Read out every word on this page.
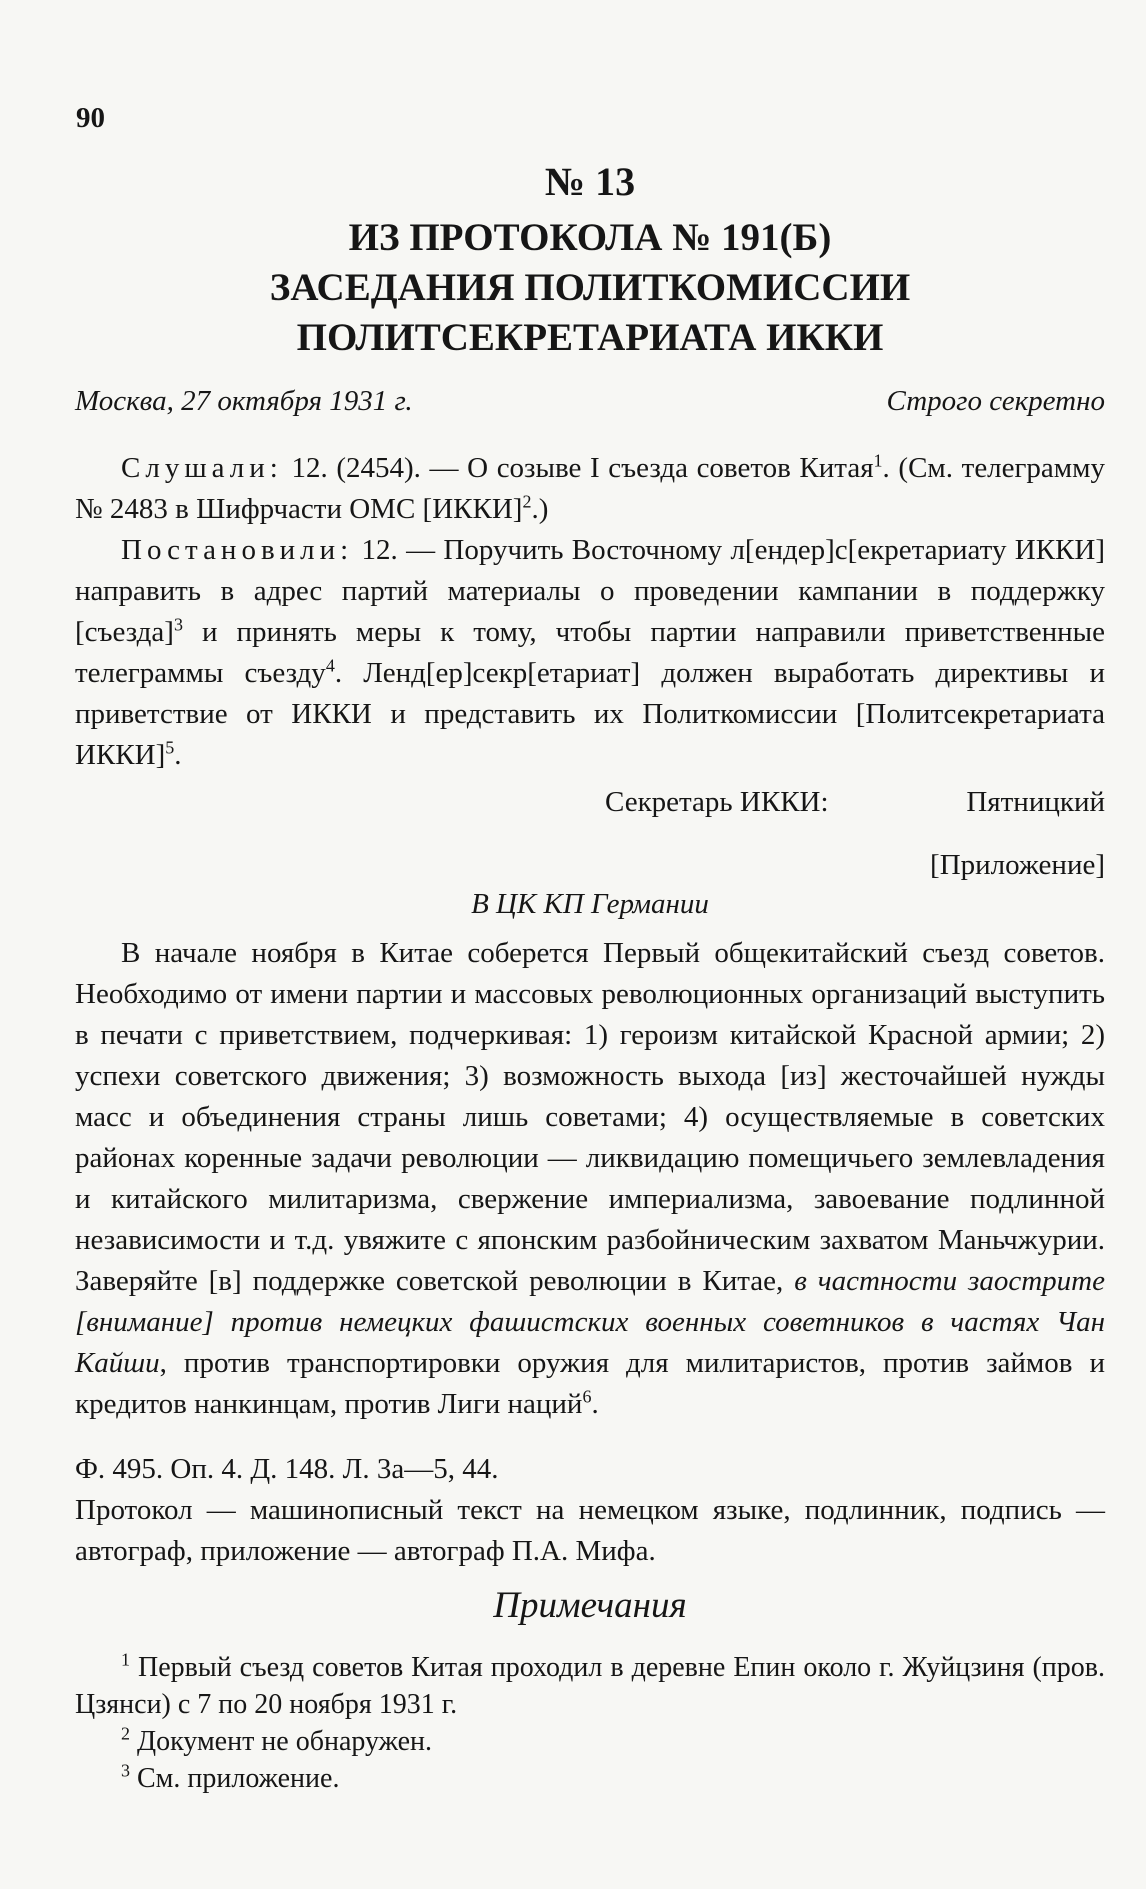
90
№ 13
ИЗ ПРОТОКОЛА № 191(Б)
ЗАСЕДАНИЯ ПОЛИТКОМИССИИ
ПОЛИТСЕКРЕТАРИАТА ИККИ
Москва, 27 октября 1931 г.	Строго секретно

Слушали: 12. (2454). — О созыве I съезда советов Китая$^1$. (См. телеграмму № 2483 в Шифрчасти ОМС [ИККИ]$^2$.)

Постановили: 12. — Поручить Восточному л[ендер]с[екретариату ИККИ] направить в адрес партий материалы о проведении кампании в поддержку [съезда]$^3$ и принять меры к тому, чтобы партии направили приветственные телеграммы съезду$^4$. Ленд[ер]секр[етариат] должен выработать директивы и приветствие от ИККИ и представить их Политкомиссии [Политсекретариата ИККИ]$^5$.

Секретарь ИККИ:	Пятницкий
[Приложение]
В ЦК КП Германии

В начале ноября в Китае соберется Первый общекитайский съезд советов. Необходимо от имени партии и массовых революционных организаций выступить в печати с приветствием, подчеркивая: 1) героизм китайской Красной армии; 2) успехи советского движения; 3) возможность выхода [из] жесточайшей нужды масс и объединения страны лишь советами; 4) осуществляемые в советских районах коренные задачи революции — ликвидацию помещичьего землевладения и китайского милитаризма, свержение империализма, завоевание подлинной независимости и т.д. увяжите с японским разбойническим захватом Маньчжурии. Заверяйте [в] поддержке советской революции в Китае, в частности заострите [внимание] против немецких фашистских военных советников в частях Чан Кайши, против транспортировки оружия для милитаристов, против займов и кредитов нанкинцам, против Лиги наций$^6$.

Ф. 495. Оп. 4. Д. 148. Л. 3а—5, 44.

Протокол — машинописный текст на немецком языке, подлинник, подпись — автограф, приложение — автограф П.А. Мифа.

Примечания

$^1$ Первый съезд советов Китая проходил в деревне Епин около г. Жуйцзиня (пров. Цзянси) с 7 по 20 ноября 1931 г.

$^2$ Документ не обнаружен.

$^3$ См. приложение.
